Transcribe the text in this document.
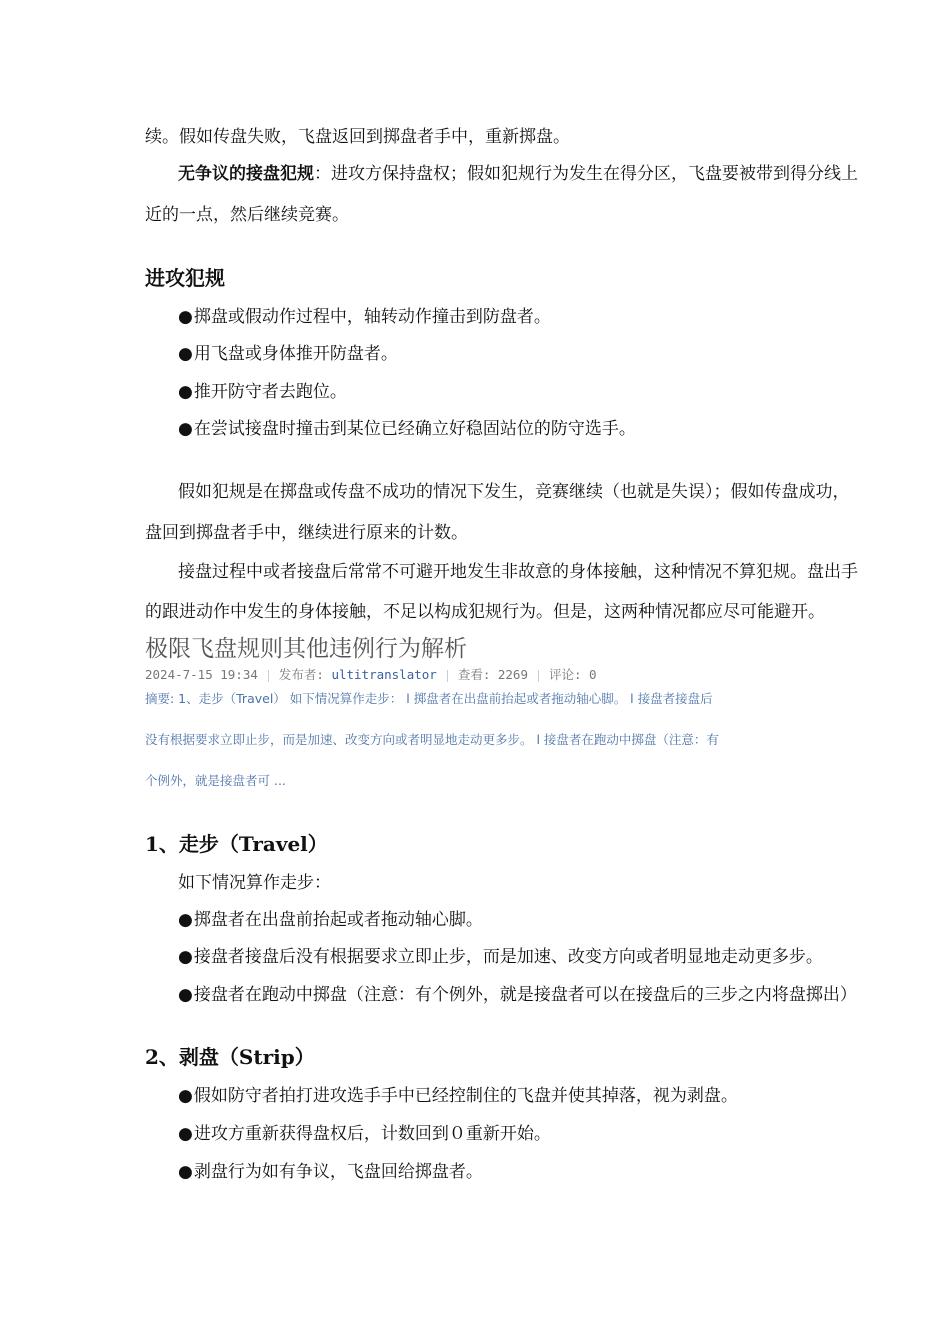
续。假如传盘失败，飞盘返回到掷盘者手中，重新掷盘。
无争议的接盘犯规：进攻方保持盘权；假如犯规行为发生在得分区，飞盘要被带到得分线上
近的一点，然后继续竞赛。
进攻犯规
● 掷盘或假动作过程中，轴转动作撞击到防盘者。
● 用飞盘或身体推开防盘者。
● 推开防守者去跑位。
● 在尝试接盘时撞击到某位已经确立好稳固站位的防守选手。
假如犯规是在掷盘或传盘不成功的情况下发生，竞赛继续（也就是失误）；假如传盘成功，
盘回到掷盘者手中，继续进行原来的计数。
接盘过程中或者接盘后常常不可避开地发生非故意的身体接触，这种情况不算犯规。盘出手
的跟进动作中发生的身体接触，不足以构成犯规行为。但是，这两种情况都应尽可能避开。
极限飞盘规则其他违例行为解析
2024-7-15 19:34 发布者: ultitranslator 查看: 2269 评论: 0
摘要: 1、走步（Travel） 如下情况算作走步： l 掷盘者在出盘前抬起或者拖动轴心脚。 l 接盘者接盘后
没有根据要求立即止步，而是加速、改变方向或者明显地走动更多步。 l 接盘者在跑动中掷盘（注意：有
个例外，就是接盘者可 ...
1、走步（Travel）
如下情况算作走步：
● 掷盘者在出盘前抬起或者拖动轴心脚。
● 接盘者接盘后没有根据要求立即止步，而是加速、改变方向或者明显地走动更多步。
● 接盘者在跑动中掷盘（注意：有个例外，就是接盘者可以在接盘后的三步之内将盘掷出）
2、剥盘（Strip）
● 假如防守者拍打进攻选手手中已经控制住的飞盘并使其掉落，视为剥盘。
● 进攻方重新获得盘权后，计数回到０重新开始。
● 剥盘行为如有争议，飞盘回给掷盘者。
